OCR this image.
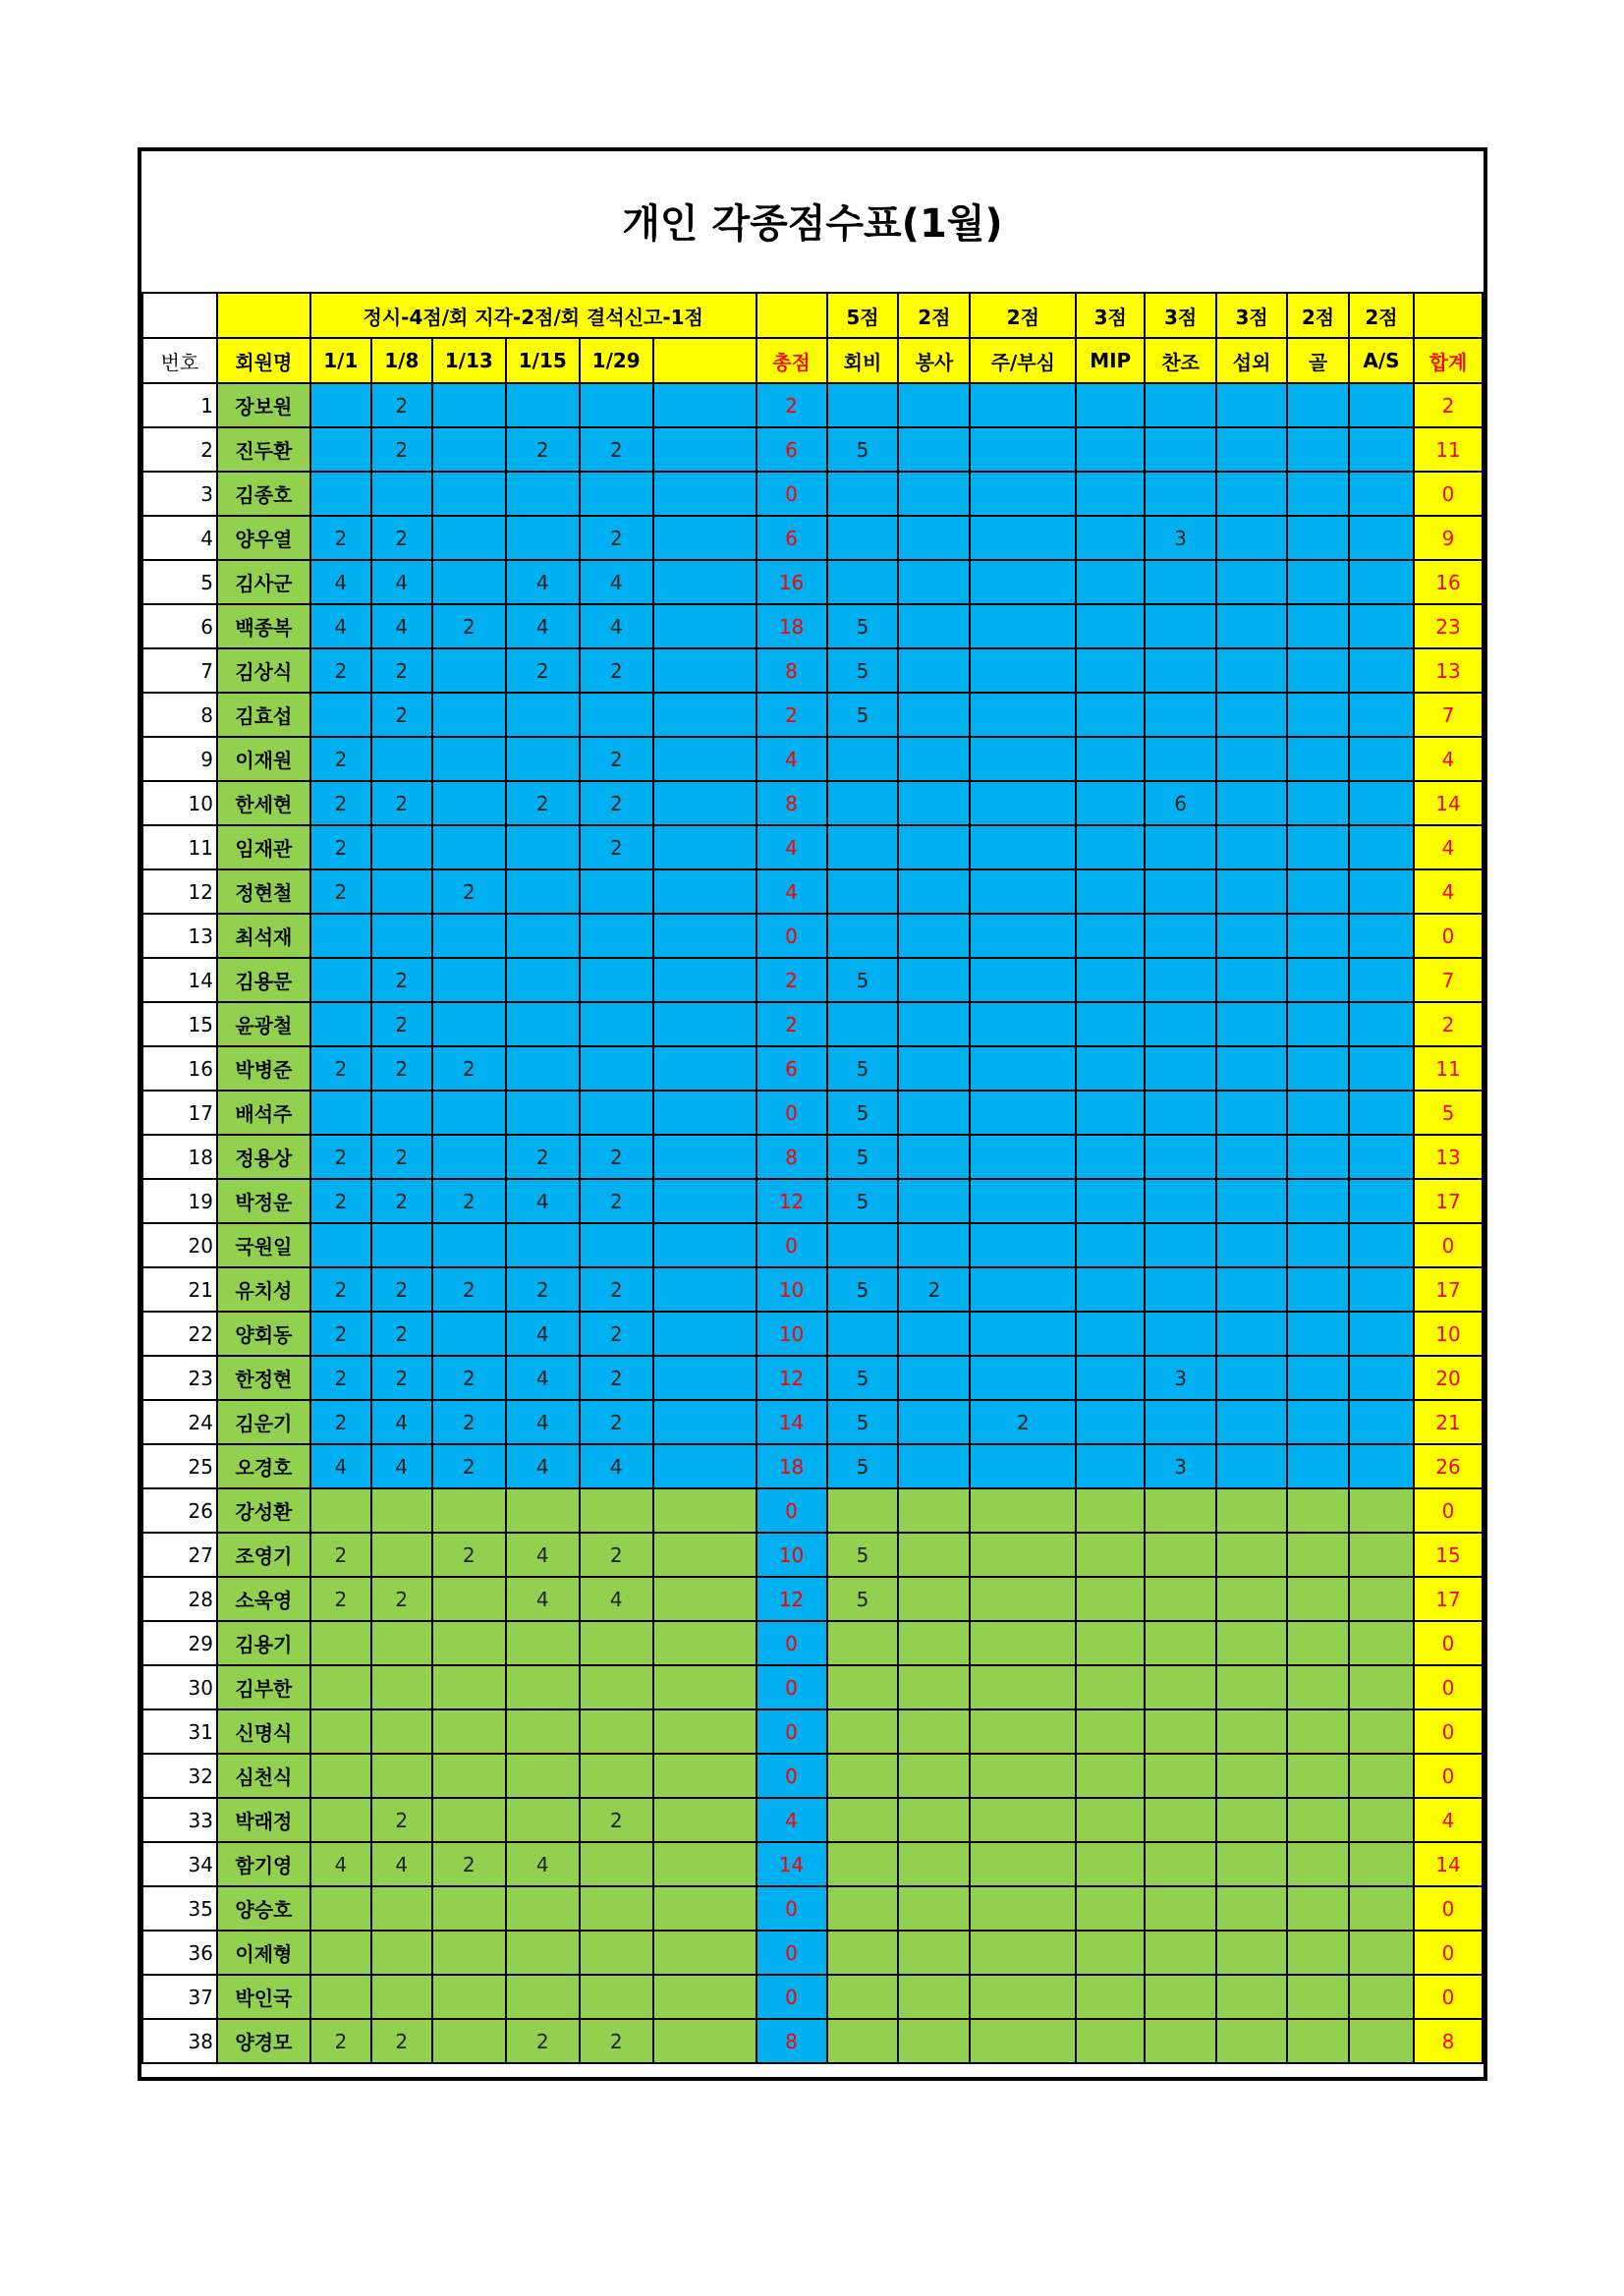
개인 각종점수표(1월)
		정시-4점/회 지각-2점/회 결석신고-1점							5점	2점	2점	3점	3점	3점	2점	2점	
번호	회원명	1/1	1/8	1/13	1/15	1/29		총점	회비	봉사	주/부심	MIP	찬조	섭외	골	A/S	합계
1	장보원		2					2									2
2	진두환		2		2	2		6	5								11
3	김종호							0									0
4	양우열	2	2			2		6					3				9
5	김사군	4	4		4	4		16									16
6	백종복	4	4	2	4	4		18	5								23
7	김상식	2	2		2	2		8	5								13
8	김효섭		2					2	5								7
9	이재원	2				2		4									4
10	한세현	2	2		2	2		8					6				14
11	임재관	2				2		4									4
12	정현철	2		2				4									4
13	최석재							0									0
14	김용문		2					2	5								7
15	윤광철		2					2									2
16	박병준	2	2	2				6	5								11
17	배석주							0	5								5
18	정용상	2	2		2	2		8	5								13
19	박정운	2	2	2	4	2		12	5								17
20	국원일							0									0
21	유치성	2	2	2	2	2		10	5	2							17
22	양회동	2	2		4	2		10									10
23	한정현	2	2	2	4	2		12	5				3				20
24	김운기	2	4	2	4	2		14	5		2						21
25	오경호	4	4	2	4	4		18	5				3				26
26	강성환							0									0
27	조영기	2		2	4	2		10	5								15
28	소욱영	2	2		4	4		12	5								17
29	김용기							0									0
30	김부한							0									0
31	신명식							0									0
32	심천식							0									0
33	박래정		2			2		4									4
34	함기영	4	4	2	4			14									14
35	양승호							0									0
36	이제형							0									0
37	박인국							0									0
38	양경모	2	2		2	2		8									8
